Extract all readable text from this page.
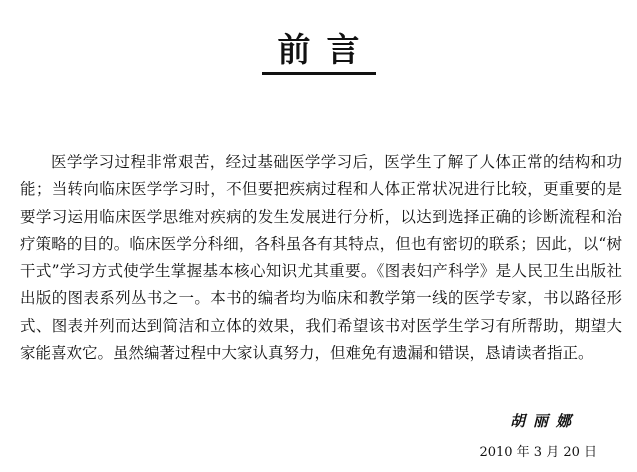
前言

医学学习过程非常艰苦，经过基础医学学习后，医学生了解了人体正常的结构和功能；当转向临床医学学习时，不但要把疾病过程和人体正常状况进行比较，更重要的是要学习运用临床医学思维对疾病的发生发展进行分析，以达到选择正确的诊断流程和治疗策略的目的。临床医学分科细，各科虽各有其特点，但也有密切的联系；因此，以“树干式”学习方式使学生掌握基本核心知识尤其重要。《图表妇产科学》是人民卫生出版社出版的图表系列丛书之一。本书的编者均为临床和教学第一线的医学专家，书以路径形式、图表并列而达到简洁和立体的效果，我们希望该书对医学生学习有所帮助，期望大家能喜欢它。虽然编著过程中大家认真努力，但难免有遗漏和错误，恳请读者指正。

胡丽娜
2010 年 3 月 20 日
